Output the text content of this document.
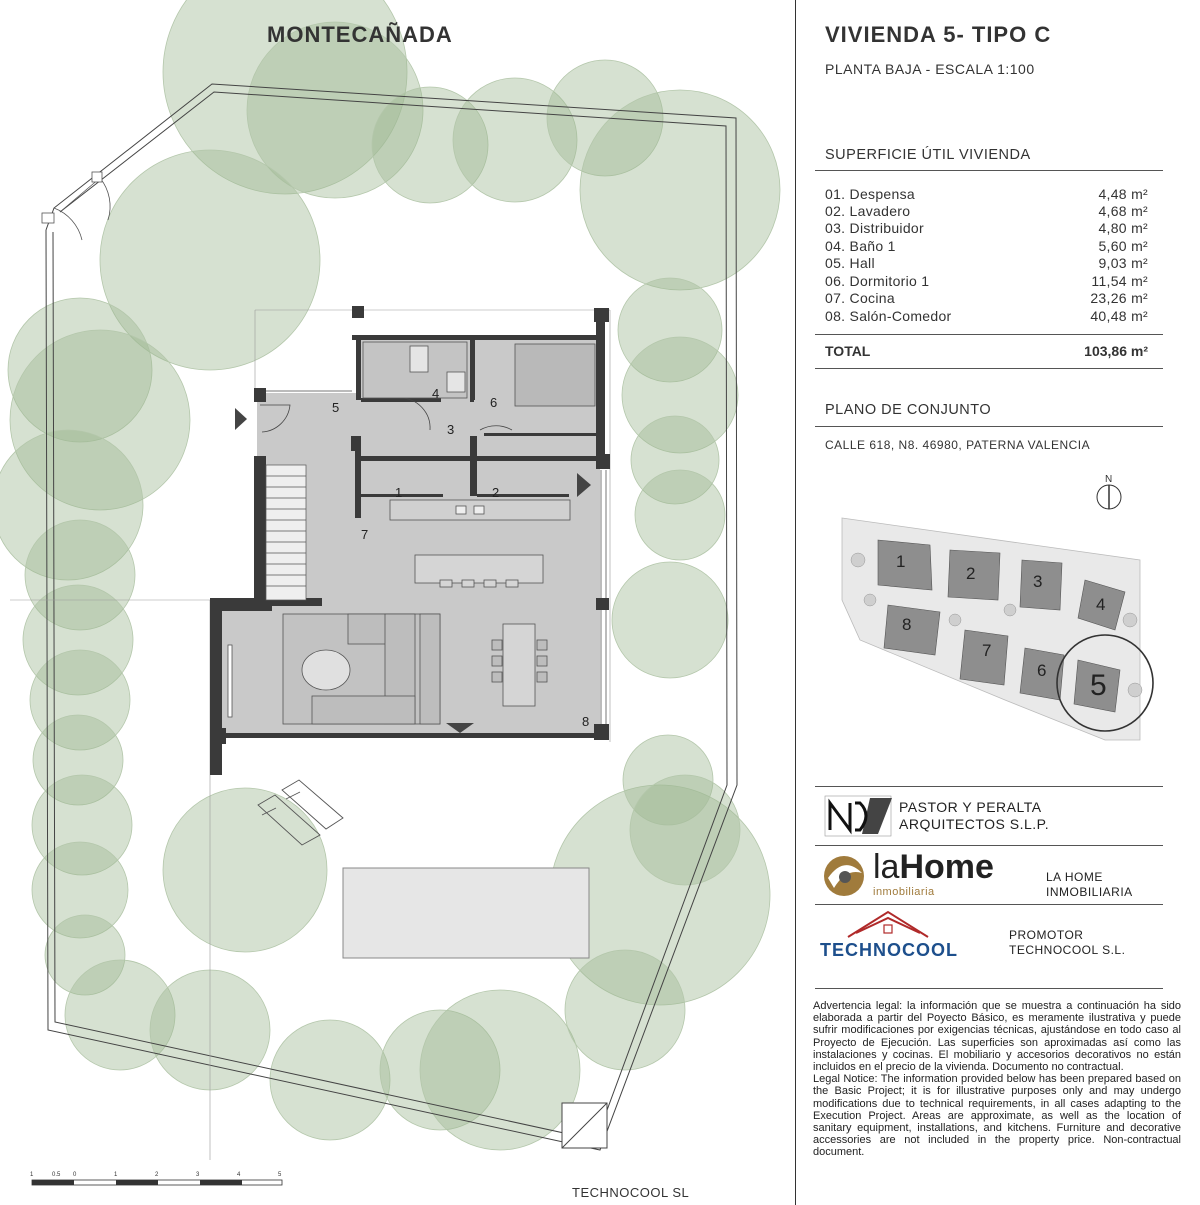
1	2
3
4
5	6
7
8
1	0.5 0	1	2	3	4	5
1
2	3
4
5
6
7
8
N
MONTECAÑADA
TECHNOCOOL SL
VIVIENDA 5- TIPO C
PLANTA BAJA - ESCALA 1:100
SUPERFICIE ÚTIL VIVIENDA
01. Despensa	4,48 m²
02. Lavadero	4,68 m²
03. Distribuidor	4,80 m²
04. Baño 1	5,60 m²
05. Hall	9,03 m²
06. Dormitorio 1	11,54 m²
07. Cocina	23,26 m²
08. Salón-Comedor	40,48 m²
TOTAL	103,86 m²
PLANO DE CONJUNTO
CALLE 618, N8. 46980, PATERNA VALENCIA
PASTOR Y PERALTA
ARQUITECTOS S.L.P.
laHome
inmobiliaria
LA HOME
INMOBILIARIA
TECHNOCOOL
PROMOTOR
TECHNOCOOL S.L.

Advertencia legal: la información que se muestra a continuación ha sido elaborada a partir del Poyecto Básico, es meramente ilustrativa y puede sufrir modificaciones por exigencias técnicas, ajustándose en todo caso al Proyecto de Ejecución. Las superficies son aproximadas así como las instalaciones y cocinas. El mobiliario y accesorios decorativos no están incluidos en el precio de la vivienda. Documento no contractual.

Legal Notice: The information provided below has been prepared based on the Basic Project; it is for illustrative purposes only and may undergo modifications due to technical requirements, in all cases adapting to the Execution Project. Areas are approximate, as well as the location of sanitary equipment, installations, and kitchens. Furniture and decorative accessories are not included in the property price. Non-contractual document.
